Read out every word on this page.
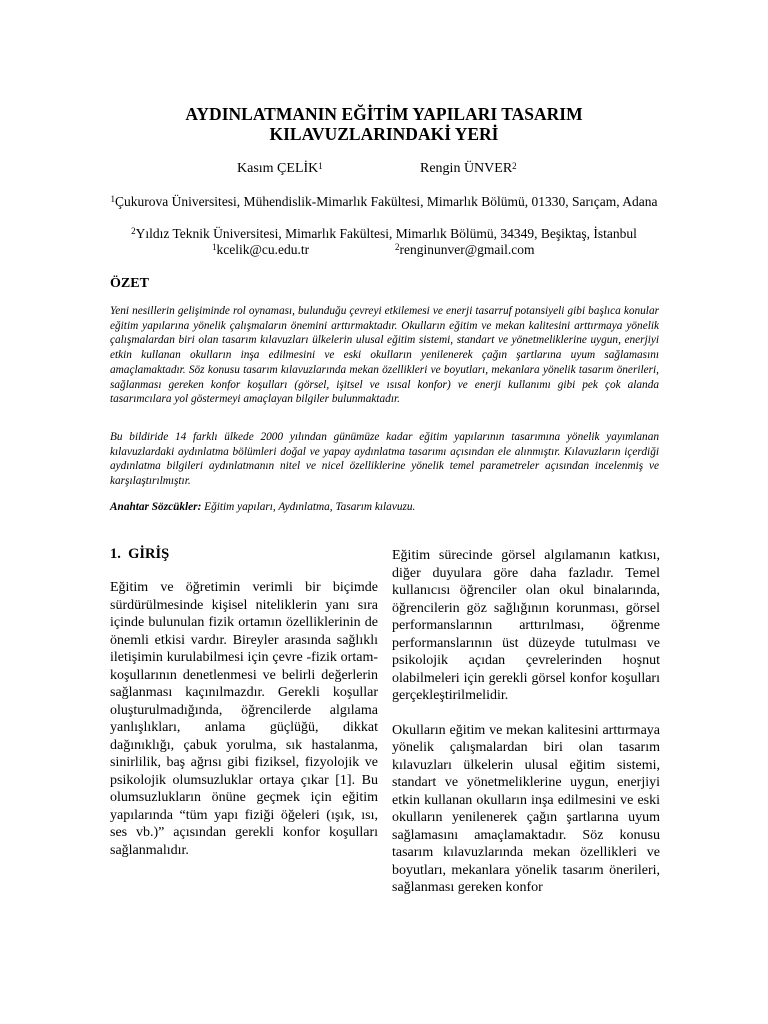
AYDINLATMANIN EĞİTİM YAPILARI TASARIM
KILAVUZLARINDAKİ YERİ
Kasım ÇELİK$^1$	Rengin ÜNVER$^2$
$^1$Çukurova Üniversitesi, Mühendislik-Mimarlık Fakültesi, Mimarlık Bölümü, 01330, Sarıçam, Adana
$^2$Yıldız Teknik Üniversitesi, Mimarlık Fakültesi, Mimarlık Bölümü, 34349, Beşiktaş, İstanbul
$^1$kcelik@cu.edu.tr	$^2$renginunver@gmail.com
ÖZET
Yeni nesillerin gelişiminde rol oynaması, bulunduğu çevreyi etkilemesi ve enerji tasarruf potansiyeli gibi başlıca konular eğitim yapılarına yönelik çalışmaların önemini arttırmaktadır. Okulların eğitim ve mekan kalitesini arttırmaya yönelik çalışmalardan biri olan tasarım kılavuzları ülkelerin ulusal eğitim sistemi, standart ve yönetmeliklerine uygun, enerjiyi etkin kullanan okulların inşa edilmesini ve eski okulların yenilenerek çağın şartlarına uyum sağlamasını amaçlamaktadır. Söz konusu tasarım kılavuzlarında mekan özellikleri ve boyutları, mekanlara yönelik tasarım önerileri, sağlanması gereken konfor koşulları (görsel, işitsel ve ısısal konfor) ve enerji kullanımı gibi pek çok alanda tasarımcılara yol göstermeyi amaçlayan bilgiler bulunmaktadır.
Bu bildiride 14 farklı ülkede 2000 yılından günümüze kadar eğitim yapılarının tasarımına yönelik yayımlanan kılavuzlardaki aydınlatma bölümleri doğal ve yapay aydınlatma tasarımı açısından ele alınmıştır. Kılavuzların içerdiği aydınlatma bilgileri aydınlatmanın nitel ve nicel özelliklerine yönelik temel parametreler açısından incelenmiş ve karşılaştırılmıştır.
Anahtar Sözcükler: Eğitim yapıları, Aydınlatma, Tasarım kılavuzu.
1.  GİRİŞ

Eğitim ve öğretimin verimli bir biçimde sürdürülmesinde kişisel niteliklerin yanı sıra içinde bulunulan fizik ortamın özelliklerinin de önemli etkisi vardır. Bireyler arasında sağlıklı iletişimin kurulabilmesi için çevre -fizik ortam-koşullarının denetlenmesi ve belirli değerlerin sağlanması kaçınılmazdır. Gerekli koşullar oluşturulmadığında, öğrencilerde algılama yanlışlıkları, anlama güçlüğü, dikkat dağınıklığı, çabuk yorulma, sık hastalanma, sinirlilik, baş ağrısı gibi fiziksel, fizyolojik ve psikolojik olumsuzluklar ortaya çıkar [1]. Bu olumsuzlukların önüne geçmek için eğitim yapılarında “tüm yapı fiziği öğeleri (ışık, ısı, ses vb.)” açısından gerekli konfor koşulları sağlanmalıdır.

Eğitim sürecinde görsel algılamanın katkısı, diğer duyulara göre daha fazladır. Temel kullanıcısı öğrenciler olan okul binalarında, öğrencilerin göz sağlığının korunması, görsel performanslarının arttırılması, öğrenme performanslarının üst düzeyde tutulması ve psikolojik açıdan çevrelerinden hoşnut olabilmeleri için gerekli görsel konfor koşulları gerçekleştirilmelidir.

Okulların eğitim ve mekan kalitesini arttırmaya yönelik çalışmalardan biri olan tasarım kılavuzları ülkelerin ulusal eğitim sistemi, standart ve yönetmeliklerine uygun, enerjiyi etkin kullanan okulların inşa edilmesini ve eski okulların yenilenerek çağın şartlarına uyum sağlamasını amaçlamaktadır. Söz konusu tasarım kılavuzlarında mekan özellikleri ve boyutları, mekanlara yönelik tasarım önerileri, sağlanması gereken konfor
